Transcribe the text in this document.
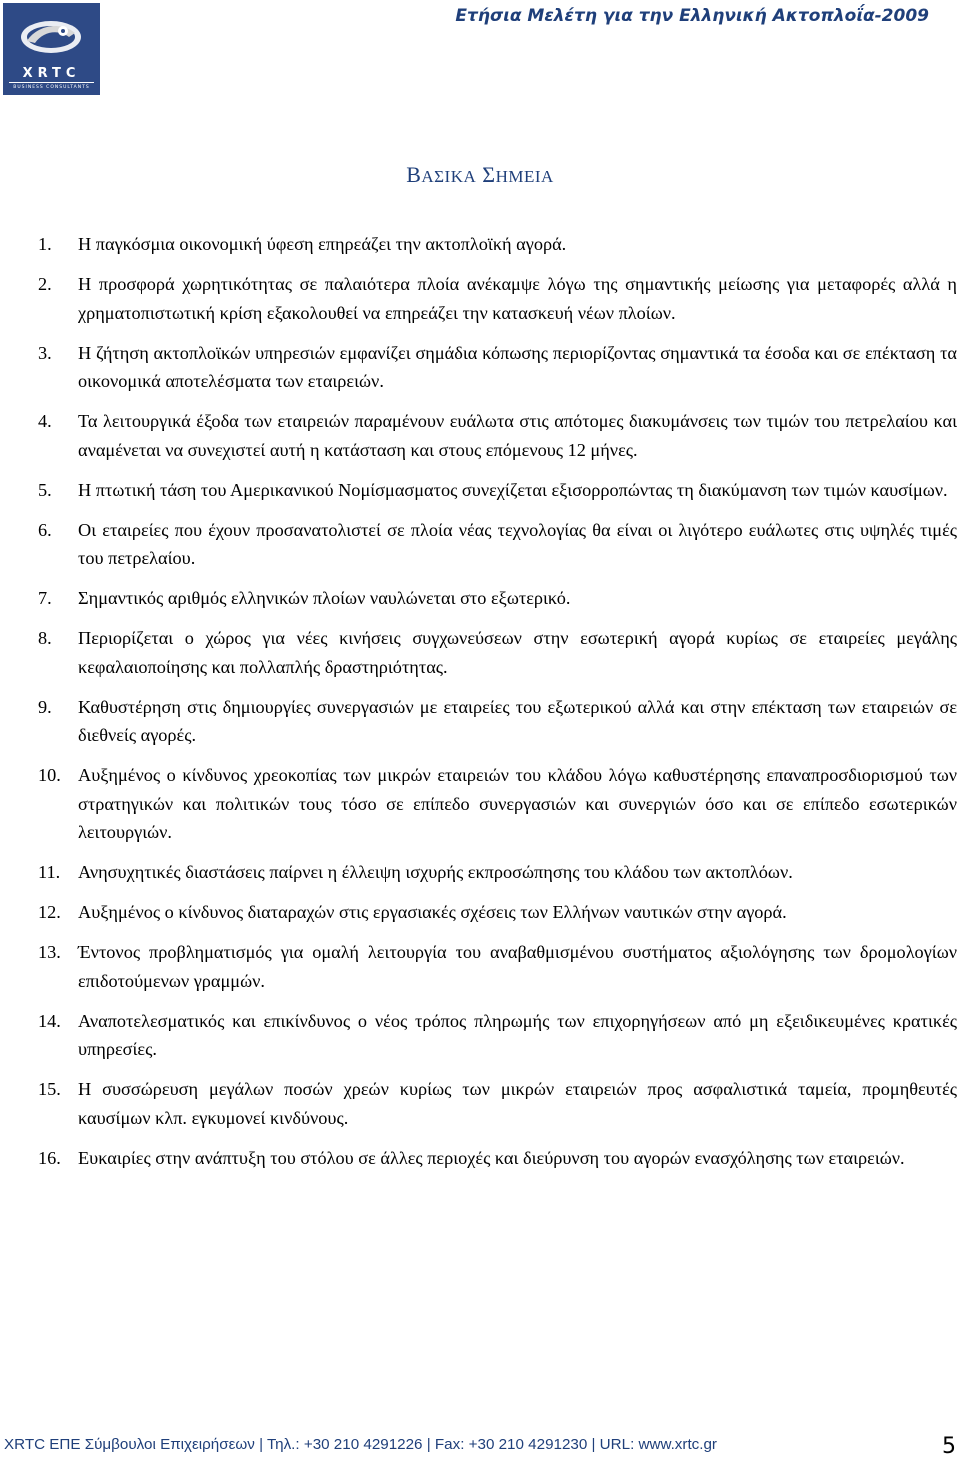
XRTC
BUSINESS CONSULTANTS
Ετήσια Μελέτη για την Ελληνική Ακτοπλοΐα-2009
ΒΑΣΙΚΑ ΣΗΜΕΙΑ
1. Η παγκόσμια οικονομική ύφεση επηρεάζει την ακτοπλοϊκή αγορά.
2. Η προσφορά χωρητικότητας σε παλαιότερα πλοία ανέκαμψε λόγω της σημαντικής μείωσης για μεταφορές αλλά η χρηματοπιστωτική κρίση εξακολουθεί να επηρεάζει την κατασκευή νέων πλοίων.
3. Η ζήτηση ακτοπλοϊκών υπηρεσιών εμφανίζει σημάδια κόπωσης περιορίζοντας σημαντικά τα έσοδα και σε επέκταση τα οικονομικά αποτελέσματα των εταιρειών.
4. Τα λειτουργικά έξοδα των εταιρειών παραμένουν ευάλωτα στις απότομες διακυμάνσεις των τιμών του πετρελαίου και αναμένεται να συνεχιστεί αυτή η κατάσταση και στους επόμενους 12 μήνες.
5. Η πτωτική τάση του Αμερικανικού Νομίσμασματος συνεχίζεται εξισορροπώντας τη διακύμανση των τιμών καυσίμων.
6. Οι εταιρείες που έχουν προσανατολιστεί σε πλοία νέας τεχνολογίας θα είναι οι λιγότερο ευάλωτες στις υψηλές τιμές του πετρελαίου.
7. Σημαντικός αριθμός ελληνικών πλοίων ναυλώνεται στο εξωτερικό.
8. Περιορίζεται ο χώρος για νέες κινήσεις συγχωνεύσεων στην εσωτερική αγορά κυρίως σε εταιρείες μεγάλης κεφαλαιοποίησης και πολλαπλής δραστηριότητας.
9. Καθυστέρηση στις δημιουργίες συνεργασιών με εταιρείες του εξωτερικού αλλά και στην επέκταση των εταιρειών σε διεθνείς αγορές.
10. Αυξημένος ο κίνδυνος χρεοκοπίας των μικρών εταιρειών του κλάδου λόγω καθυστέρησης επαναπροσδιορισμού των στρατηγικών και πολιτικών τους τόσο σε επίπεδο συνεργασιών και συνεργιών όσο και σε επίπεδο εσωτερικών λειτουργιών.
11. Ανησυχητικές διαστάσεις παίρνει η έλλειψη ισχυρής εκπροσώπησης του κλάδου των ακτοπλόων.
12. Αυξημένος ο κίνδυνος διαταραχών στις εργασιακές σχέσεις των Ελλήνων ναυτικών στην αγορά.
13. Έντονος προβληματισμός για ομαλή λειτουργία του αναβαθμισμένου συστήματος αξιολόγησης των δρομολογίων επιδοτούμενων γραμμών.
14. Αναποτελεσματικός και επικίνδυνος ο νέος τρόπος πληρωμής των επιχορηγήσεων από μη εξειδικευμένες κρατικές υπηρεσίες.
15. Η συσσώρευση μεγάλων ποσών χρεών κυρίως των μικρών εταιρειών προς ασφαλιστικά ταμεία, προμηθευτές καυσίμων κλπ. εγκυμονεί κινδύνους.
16. Ευκαιρίες στην ανάπτυξη του στόλου σε άλλες περιοχές και διεύρυνση του αγορών ενασχόλησης των εταιρειών.
XRTC ΕΠΕ Σύμβουλοι Επιχειρήσεων | Τηλ.: +30 210 4291226 | Fax: +30 210 4291230 | URL: www.xrtc.gr	5
